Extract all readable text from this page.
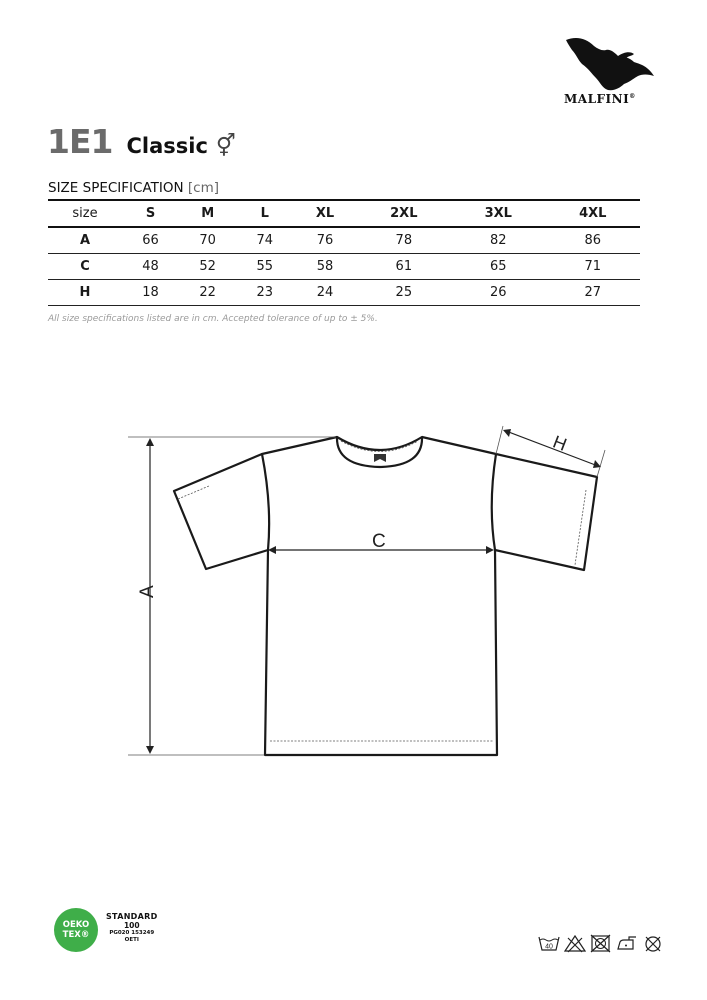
MALFINI®
1E1 Classic ⚥
SIZE SPECIFICATION [cm]
size	S	M	L	XL	2XL	3XL	4XL
A	66	70	74	76	78	82	86
C	48	52	55	58	61	65	71
H	18	22	23	24	25	26	27
All size specifications listed are in cm. Accepted tolerance of up to ± 5%.
A
C
H
OEKO
TEX®
STANDARD
100
PG020 153249
OETI
40
